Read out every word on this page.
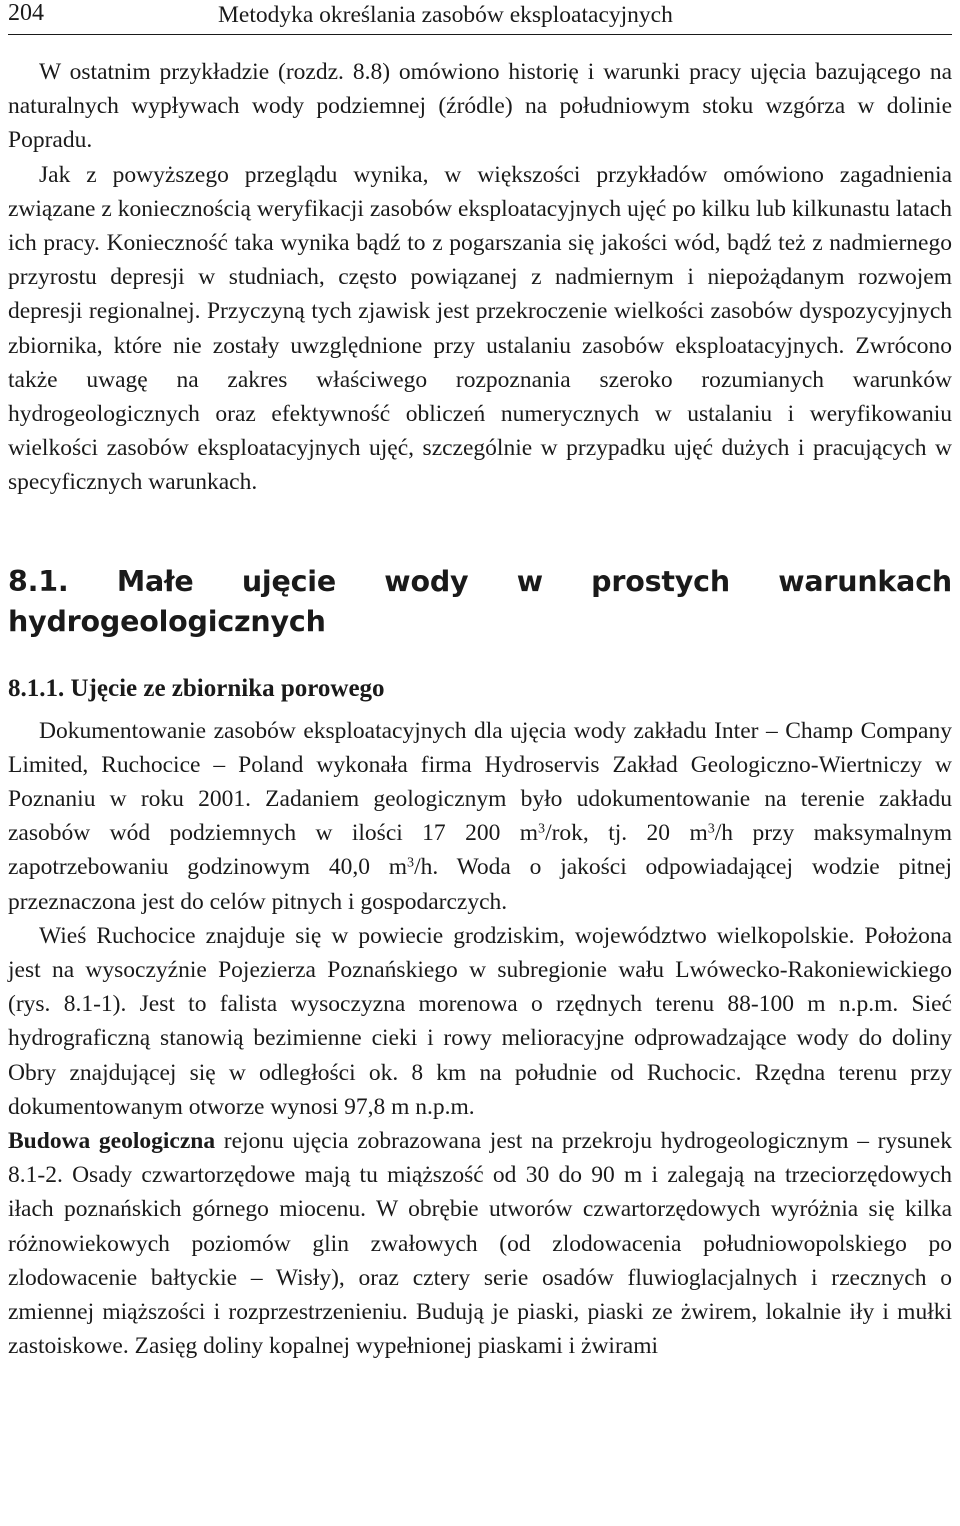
204	Metodyka określania zasobów eksploatacyjnych

W ostatnim przykładzie (rozdz. 8.8) omówiono historię i warunki pracy ujęcia bazującego na naturalnych wypływach wody podziemnej (źródle) na południowym stoku wzgórza w dolinie Popradu.

Jak z powyższego przeglądu wynika, w większości przykładów omówiono zagadnienia związane z koniecznością weryfikacji zasobów eksploatacyjnych ujęć po kilku lub kilkunastu latach ich pracy. Konieczność taka wynika bądź to z pogarszania się jakości wód, bądź też z nadmiernego przyrostu depresji w studniach, często powiązanej z nadmiernym i niepożądanym rozwojem depresji regionalnej. Przyczyną tych zjawisk jest przekroczenie wielkości zasobów dyspozycyjnych zbiornika, które nie zostały uwzględnione przy ustalaniu zasobów eksploatacyjnych. Zwrócono także uwagę na zakres właściwego rozpoznania szeroko rozumianych warunków hydrogeologicznych oraz efektywność obliczeń numerycznych w ustalaniu i weryfikowaniu wielkości zasobów eksploatacyjnych ujęć, szczególnie w przypadku ujęć dużych i pracujących w specyficznych warunkach.

8.1. Małe ujęcie wody w prostych warunkach hydrogeologicznych
8.1.1. Ujęcie ze zbiornika porowego

Dokumentowanie zasobów eksploatacyjnych dla ujęcia wody zakładu Inter – Champ Company Limited, Ruchocice – Poland wykonała firma Hydroservis Zakład Geologiczno-Wiertniczy w Poznaniu w roku 2001. Zadaniem geologicznym było udokumentowanie na terenie zakładu zasobów wód podziemnych w ilości 17 200 $m^3$/rok, tj. 20 $m^3/h$ przy maksymalnym zapotrzebowaniu godzinowym 40,0 $m^3/h$. Woda o jakości odpowiadającej wodzie pitnej przeznaczona jest do celów pitnych i gospodarczych.

Wieś Ruchocice znajduje się w powiecie grodziskim, województwo wielkopolskie. Położona jest na wysoczyźnie Pojezierza Poznańskiego w subregionie wału Lwówecko-Rakoniewickiego (rys. 8.1-1). Jest to falista wysoczyzna morenowa o rzędnych terenu 88-100 m n.p.m. Sieć hydrograficzną stanowią bezimienne cieki i rowy melioracyjne odprowadzające wody do doliny Obry znajdującej się w odległości ok. 8 km na południe od Ruchocic. Rzędna terenu przy dokumentowanym otworze wynosi 97,8 m n.p.m.

Budowa geologiczna rejonu ujęcia zobrazowana jest na przekroju hydrogeologicznym – rysunek 8.1-2. Osady czwartorzędowe mają tu miąższość od 30 do 90 m i zalegają na trzeciorzędowych iłach poznańskich górnego miocenu. W obrębie utworów czwartorzędowych wyróżnia się kilka różnowiekowych poziomów glin zwałowych (od zlodowacenia południowopolskiego po zlodowacenie bałtyckie – Wisły), oraz cztery serie osadów fluwioglacjalnych i rzecznych o zmiennej miąższości i rozprzestrzenieniu. Budują je piaski, piaski ze żwirem, lokalnie iły i mułki zastoiskowe. Zasięg doliny kopalnej wypełnionej piaskami i żwirami
